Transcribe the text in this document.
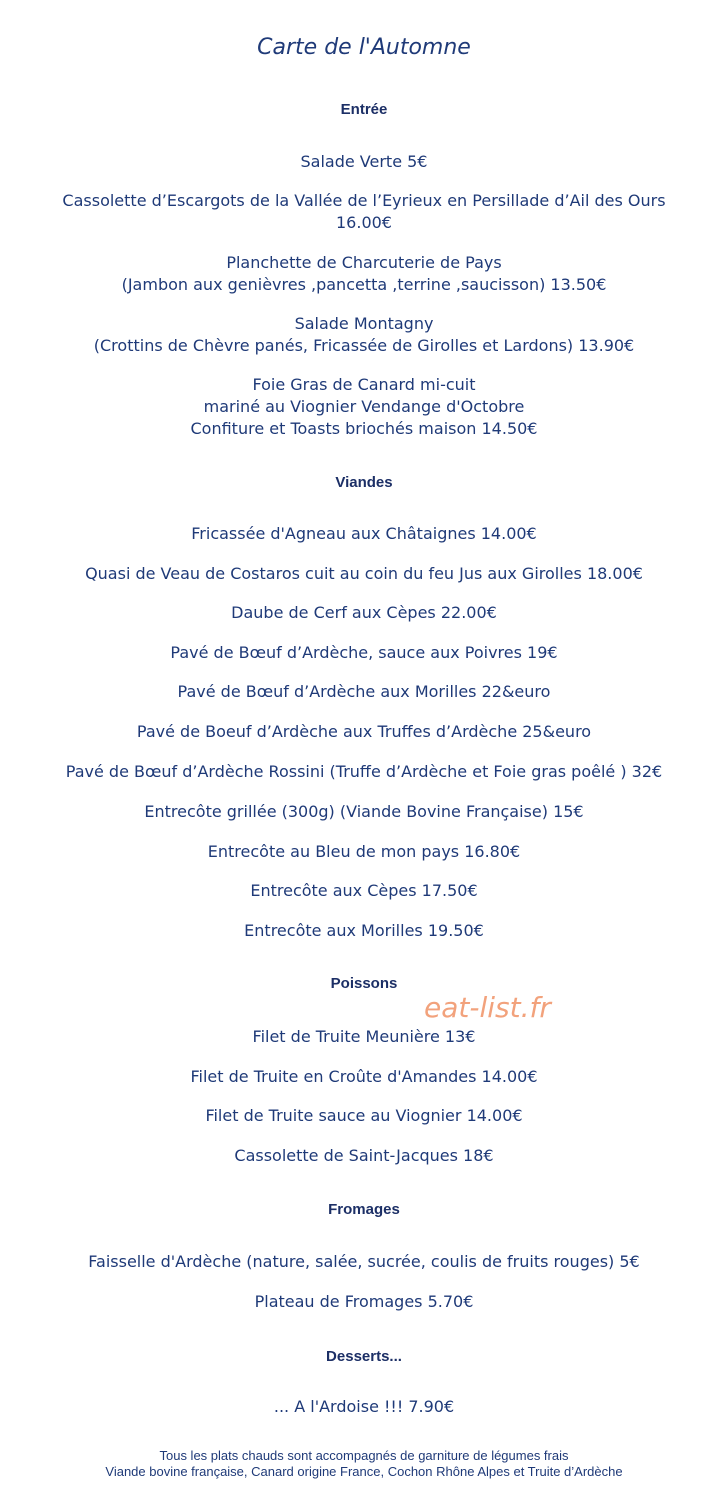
Carte de l'Automne
Entrée
Salade Verte 5€
Cassolette d’Escargots de la Vallée de l’Eyrieux en Persillade d’Ail des Ours
16.00€
Planchette de Charcuterie de Pays
(Jambon aux genièvres ,pancetta ,terrine ,saucisson) 13.50€
Salade Montagny
(Crottins de Chèvre panés, Fricassée de Girolles et Lardons) 13.90€
Foie Gras de Canard mi-cuit
mariné au Viognier Vendange d'Octobre
Confiture et Toasts briochés maison 14.50€
Viandes
Fricassée d'Agneau aux Châtaignes 14.00€
Quasi de Veau de Costaros cuit au coin du feu Jus aux Girolles 18.00€
Daube de Cerf aux Cèpes 22.00€
Pavé de Bœuf d’Ardèche, sauce aux Poivres 19€
Pavé de Bœuf d’Ardèche aux Morilles 22&euro
Pavé de Boeuf d’Ardèche aux Truffes d’Ardèche 25&euro
Pavé de Bœuf d’Ardèche Rossini (Truffe d’Ardèche et Foie gras poêlé ) 32€
Entrecôte grillée (300g) (Viande Bovine Française) 15€
Entrecôte au Bleu de mon pays 16.80€
Entrecôte aux Cèpes 17.50€
Entrecôte aux Morilles 19.50€
Poissons
eat-list.fr
Filet de Truite Meunière 13€
Filet de Truite en Croûte d'Amandes 14.00€
Filet de Truite sauce au Viognier 14.00€
Cassolette de Saint-Jacques 18€
Fromages
Faisselle d'Ardèche (nature, salée, sucrée, coulis de fruits rouges) 5€
Plateau de Fromages 5.70€
Desserts...
... A l'Ardoise !!! 7.90€
Tous les plats chauds sont accompagnés de garniture de légumes frais
Viande bovine française, Canard origine France, Cochon Rhône Alpes et Truite d’Ardèche
